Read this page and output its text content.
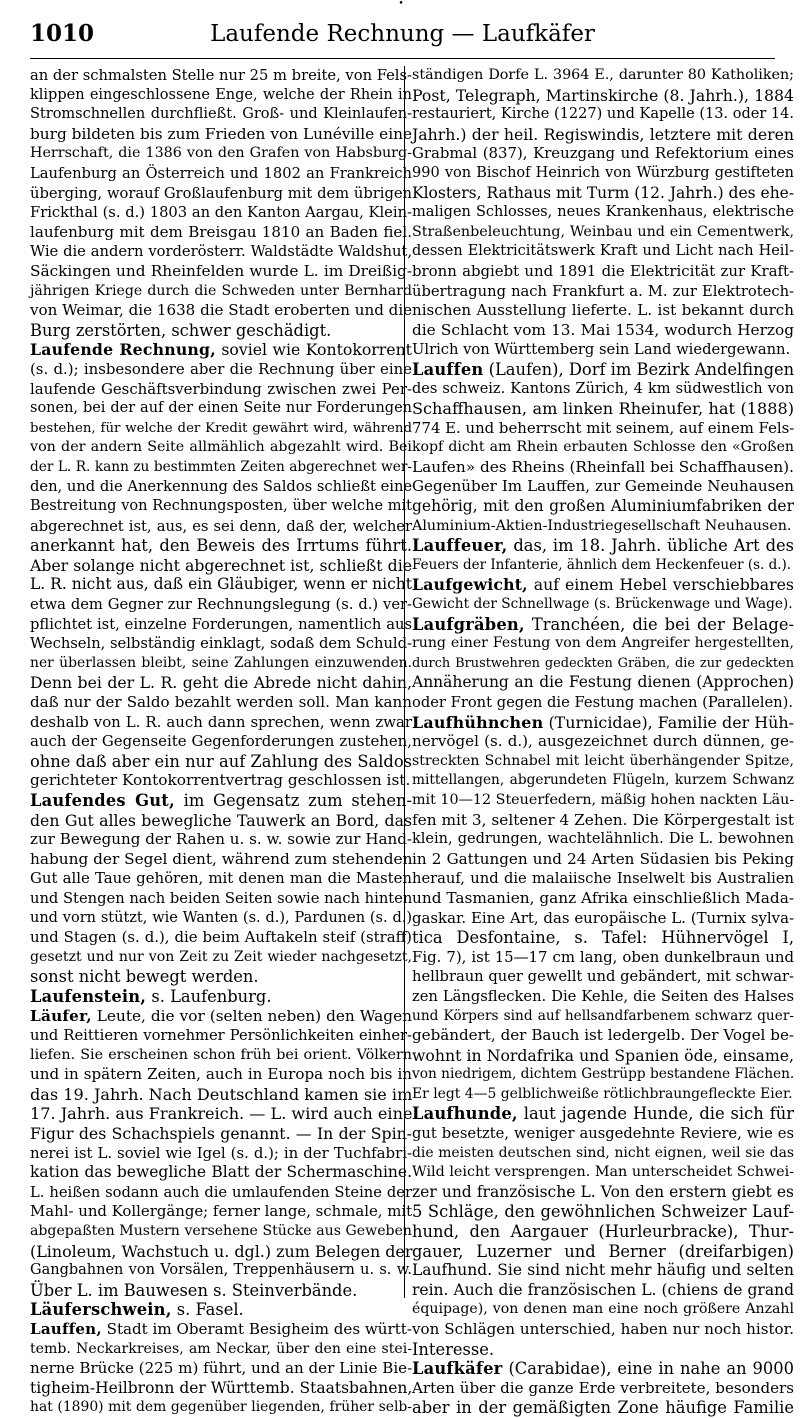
•
1010	Laufende Rechnung — Laufkäfer
an der schmalsten Stelle nur 25 m breite, von Fels-
klippen eingeschlossene Enge, welche der Rhein in
Stromschnellen durchfließt. Groß- und Kleinlaufen-
burg bildeten bis zum Frieden von Lunéville eine
Herrschaft, die 1386 von den Grafen von Habsburg-
Laufenburg an Österreich und 1802 an Frankreich
überging, worauf Großlaufenburg mit dem übrigen
Frickthal (s. d.) 1803 an den Kanton Aargau, Klein-
laufenburg mit dem Breisgau 1810 an Baden fiel.
Wie die andern vorderösterr. Waldstädte Waldshut,
Säckingen und Rheinfelden wurde L. im Dreißig-
jährigen Kriege durch die Schweden unter Bernhard
von Weimar, die 1638 die Stadt eroberten und die
Burg zerstörten, schwer geschädigt.
Laufende Rechnung, soviel wie Kontokorrent
(s. d.); insbesondere aber die Rechnung über eine
laufende Geschäftsverbindung zwischen zwei Per-
sonen, bei der auf der einen Seite nur Forderungen
bestehen, für welche der Kredit gewährt wird, während
von der andern Seite allmählich abgezahlt wird. Bei
der L. R. kann zu bestimmten Zeiten abgerechnet wer-
den, und die Anerkennung des Saldos schließt eine
Bestreitung von Rechnungsposten, über welche mit
abgerechnet ist, aus, es sei denn, daß der, welcher
anerkannt hat, den Beweis des Irrtums führt.
Aber solange nicht abgerechnet ist, schließt die
L. R. nicht aus, daß ein Gläubiger, wenn er nicht
etwa dem Gegner zur Rechnungslegung (s. d.) ver-
pflichtet ist, einzelne Forderungen, namentlich aus
Wechseln, selbständig einklagt, sodaß dem Schuld-
ner überlassen bleibt, seine Zahlungen einzuwenden.
Denn bei der L. R. geht die Abrede nicht dahin,
daß nur der Saldo bezahlt werden soll. Man kann
deshalb von L. R. auch dann sprechen, wenn zwar
auch der Gegenseite Gegenforderungen zustehen,
ohne daß aber ein nur auf Zahlung des Saldos
gerichteter Kontokorrentvertrag geschlossen ist.
Laufendes Gut, im Gegensatz zum stehen-
den Gut alles bewegliche Tauwerk an Bord, das
zur Bewegung der Rahen u. s. w. sowie zur Hand-
habung der Segel dient, während zum stehenden
Gut alle Taue gehören, mit denen man die Masten
und Stengen nach beiden Seiten sowie nach hinten
und vorn stützt, wie Wanten (s. d.), Pardunen (s. d.)
und Stagen (s. d.), die beim Auftakeln steif (straff)
gesetzt und nur von Zeit zu Zeit wieder nachgesetzt,
sonst nicht bewegt werden.
Laufenstein, s. Laufenburg.
Läufer, Leute, die vor (selten neben) den Wagen
und Reittieren vornehmer Persönlichkeiten einher-
liefen. Sie erscheinen schon früh bei orient. Völkern
und in spätern Zeiten, auch in Europa noch bis in
das 19. Jahrh. Nach Deutschland kamen sie im
17. Jahrh. aus Frankreich. — L. wird auch eine
Figur des Schachspiels genannt. — In der Spin-
nerei ist L. soviel wie Igel (s. d.); in der Tuchfabri-
kation das bewegliche Blatt der Schermaschine.
L. heißen sodann auch die umlaufenden Steine der
Mahl- und Kollergänge; ferner lange, schmale, mit
abgepaßten Mustern versehene Stücke aus Geweben
(Linoleum, Wachstuch u. dgl.) zum Belegen der
Gangbahnen von Vorsälen, Treppenhäusern u. s. w.
Über L. im Bauwesen s. Steinverbände.
Läuferschwein, s. Fasel.
Lauffen, Stadt im Oberamt Besigheim des württ-
temb. Neckarkreises, am Neckar, über den eine stei-
nerne Brücke (225 m) führt, und an der Linie Bie-
tigheim-Heilbronn der Württemb. Staatsbahnen,
hat (1890) mit dem gegenüber liegenden, früher selb-
ständigen Dorfe L. 3964 E., darunter 80 Katholiken;
Post, Telegraph, Martinskirche (8. Jahrh.), 1884
restauriert, Kirche (1227) und Kapelle (13. oder 14.
Jahrh.) der heil. Regiswindis, letztere mit deren
Grabmal (837), Kreuzgang und Refektorium eines
990 von Bischof Heinrich von Würzburg gestifteten
Klosters, Rathaus mit Turm (12. Jahrh.) des ehe-
maligen Schlosses, neues Krankenhaus, elektrische
Straßenbeleuchtung, Weinbau und ein Cementwerk,
dessen Elektricitätswerk Kraft und Licht nach Heil-
bronn abgiebt und 1891 die Elektricität zur Kraft-
übertragung nach Frankfurt a. M. zur Elektrotech-
nischen Ausstellung lieferte. L. ist bekannt durch
die Schlacht vom 13. Mai 1534, wodurch Herzog
Ulrich von Württemberg sein Land wiedergewann.
Lauffen (Laufen), Dorf im Bezirk Andelfingen
des schweiz. Kantons Zürich, 4 km südwestlich von
Schaffhausen, am linken Rheinufer, hat (1888)
774 E. und beherrscht mit seinem, auf einem Fels-
kopf dicht am Rhein erbauten Schlosse den «Großen
Laufen» des Rheins (Rheinfall bei Schaffhausen).
Gegenüber Im Lauffen, zur Gemeinde Neuhausen
gehörig, mit den großen Aluminiumfabriken der
Aluminium-Aktien-Industriegesellschaft Neuhausen.
Lauffeuer, das, im 18. Jahrh. übliche Art des
Feuers der Infanterie, ähnlich dem Heckenfeuer (s. d.).
Laufgewicht, auf einem Hebel verschiebbares
Gewicht der Schnellwage (s. Brückenwage und Wage).
Laufgräben, Tranchéen, die bei der Belage-
rung einer Festung von dem Angreifer hergestellten,
durch Brustwehren gedeckten Gräben, die zur gedeckten
Annäherung an die Festung dienen (Approchen)
oder Front gegen die Festung machen (Parallelen).
Laufhühnchen (Turnicidae), Familie der Hüh-
nervögel (s. d.), ausgezeichnet durch dünnen, ge-
streckten Schnabel mit leicht überhängender Spitze,
mittellangen, abgerundeten Flügeln, kurzem Schwanz
mit 10—12 Steuerfedern, mäßig hohen nackten Läu-
fen mit 3, seltener 4 Zehen. Die Körpergestalt ist
klein, gedrungen, wachtelähnlich. Die L. bewohnen
in 2 Gattungen und 24 Arten Südasien bis Peking
herauf, und die malaiische Inselwelt bis Australien
und Tasmanien, ganz Afrika einschließlich Mada-
gaskar. Eine Art, das europäische L. (Turnix sylva-
tica Desfontaine, s. Tafel: Hühnervögel I,
Fig. 7), ist 15—17 cm lang, oben dunkelbraun und
hellbraun quer gewellt und gebändert, mit schwar-
zen Längsflecken. Die Kehle, die Seiten des Halses
und Körpers sind auf hellsandfarbenem schwarz quer-
gebändert, der Bauch ist ledergelb. Der Vogel be-
wohnt in Nordafrika und Spanien öde, einsame,
von niedrigem, dichtem Gestrüpp bestandene Flächen.
Er legt 4—5 gelblichweiße rötlichbraungefleckte Eier.
Laufhunde, laut jagende Hunde, die sich für
gut besetzte, weniger ausgedehnte Reviere, wie es
die meisten deutschen sind, nicht eignen, weil sie das
Wild leicht versprengen. Man unterscheidet Schwei-
zer und französische L. Von den erstern giebt es
5 Schläge, den gewöhnlichen Schweizer Lauf-
hund, den Aargauer (Hurleurbracke), Thur-
gauer, Luzerner und Berner (dreifarbigen)
Laufhund. Sie sind nicht mehr häufig und selten
rein. Auch die französischen L. (chiens de grand
équipage), von denen man eine noch größere Anzahl
von Schlägen unterschied, haben nur noch histor.
Interesse.
Laufkäfer (Carabidae), eine in nahe an 9000
Arten über die ganze Erde verbreitete, besonders
aber in der gemäßigten Zone häufige Familie
